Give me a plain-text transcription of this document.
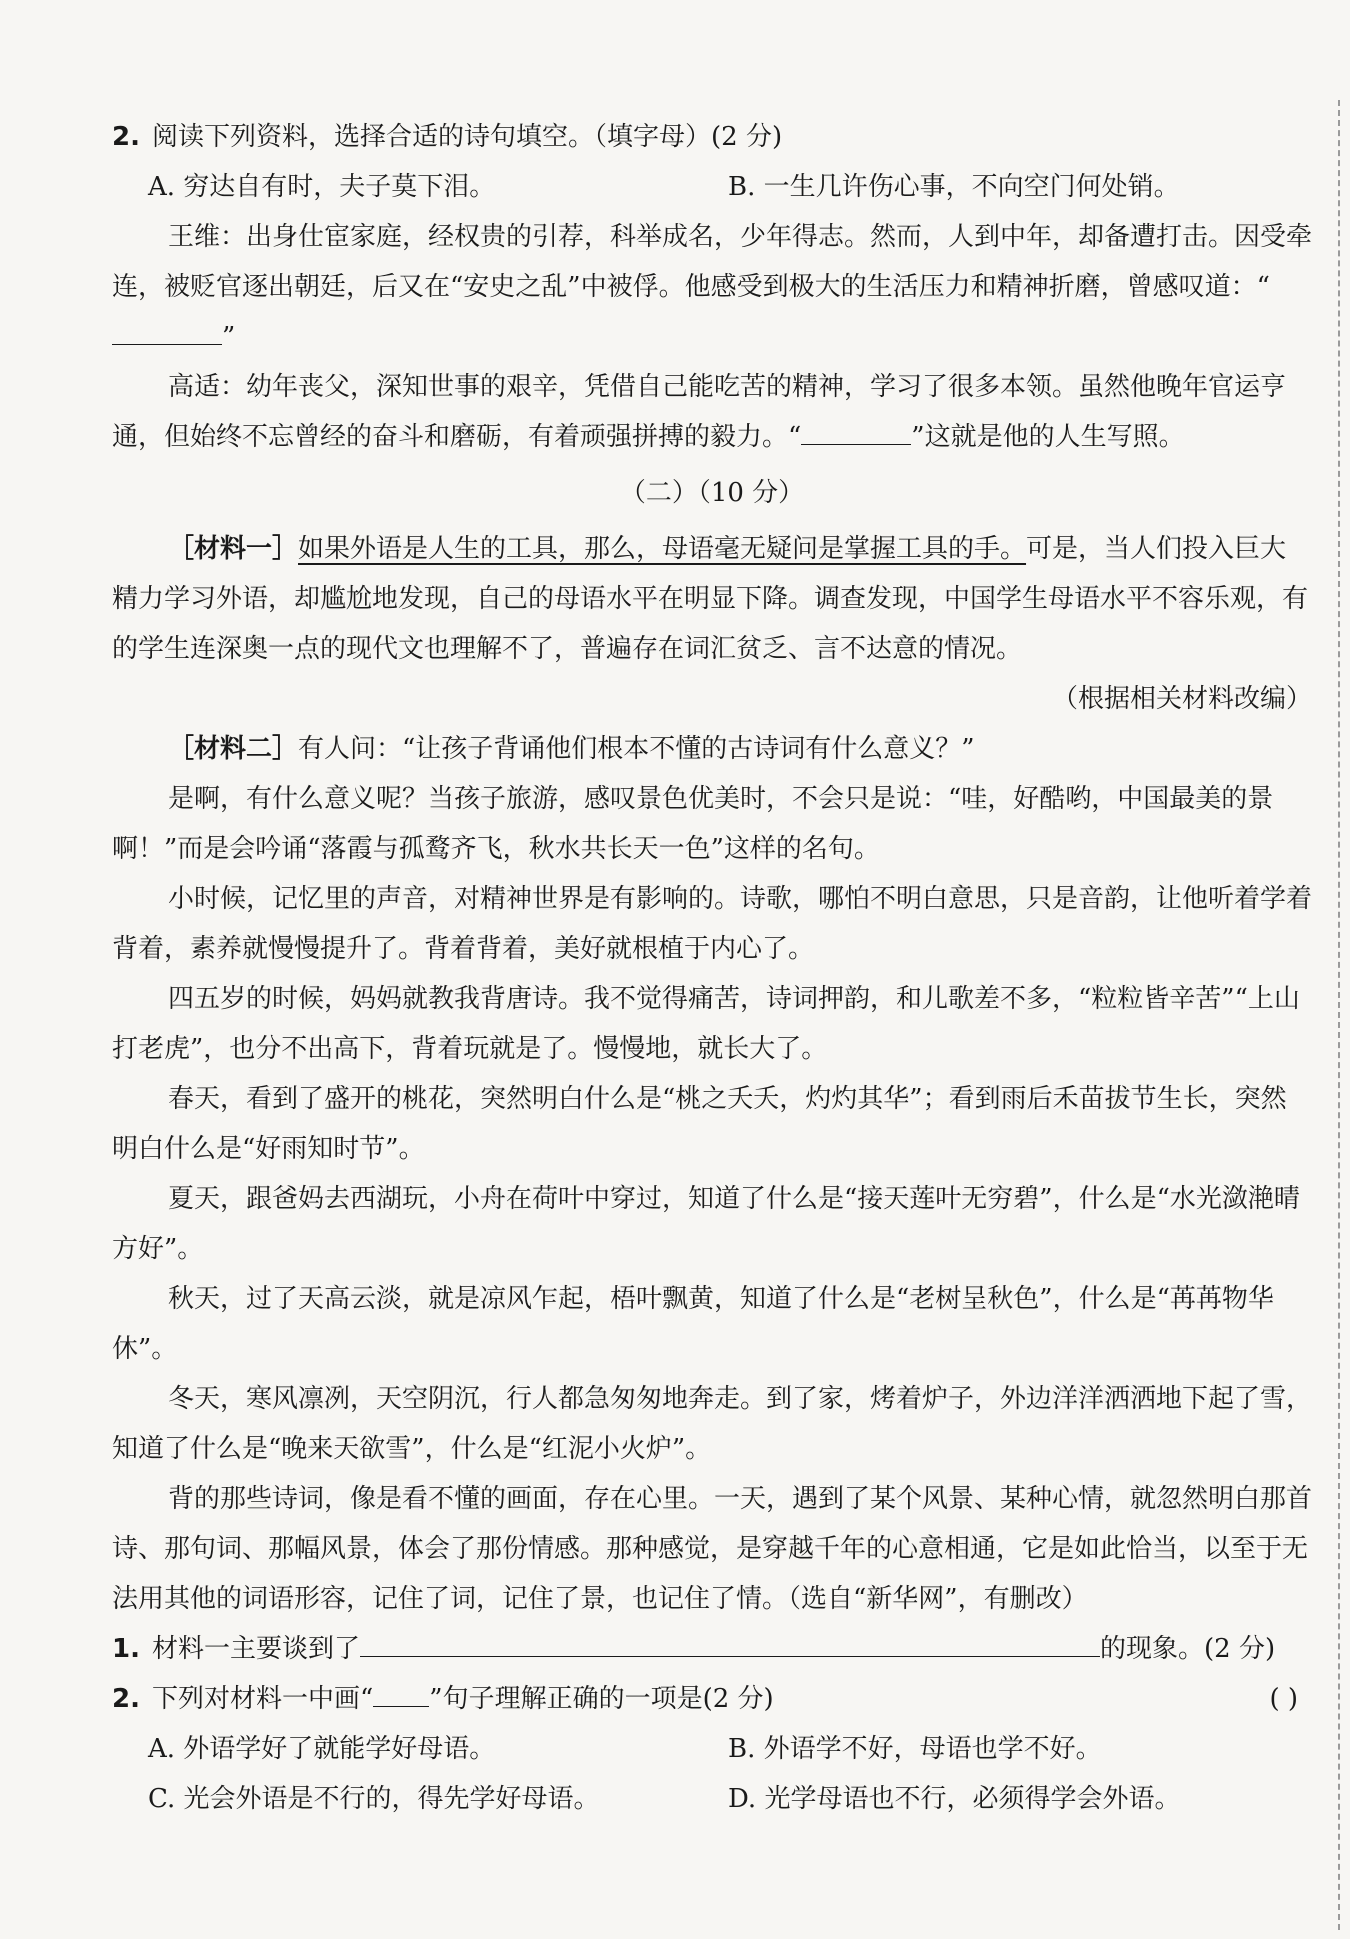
2. 阅读下列资料，选择合适的诗句填空。（填字母）(2 分)
A. 穷达自有时，夫子莫下泪。	B. 一生几许伤心事，不向空门何处销。

王维：出身仕宦家庭，经权贵的引荐，科举成名，少年得志。然而，人到中年，却备遭打击。因受牵连，被贬官逐出朝廷，后又在“安史之乱”中被俘。他感受到极大的生活压力和精神折磨，曾感叹道：“”

高适：幼年丧父，深知世事的艰辛，凭借自己能吃苦的精神，学习了很多本领。虽然他晚年官运亨通，但始终不忘曾经的奋斗和磨砺，有着顽强拼搏的毅力。“	”这就是他的人生写照。

（二）（10 分）

［材料一］如果外语是人生的工具，那么，母语毫无疑问是掌握工具的手。可是，当人们投入巨大精力学习外语，却尴尬地发现，自己的母语水平在明显下降。调查发现，中国学生母语水平不容乐观，有的学生连深奥一点的现代文也理解不了，普遍存在词汇贫乏、言不达意的情况。

（根据相关材料改编）

［材料二］有人问：“让孩子背诵他们根本不懂的古诗词有什么意义？”

是啊，有什么意义呢？当孩子旅游，感叹景色优美时，不会只是说：“哇，好酷哟，中国最美的景啊！”而是会吟诵“落霞与孤鹜齐飞，秋水共长天一色”这样的名句。

小时候，记忆里的声音，对精神世界是有影响的。诗歌，哪怕不明白意思，只是音韵，让他听着学着背着，素养就慢慢提升了。背着背着，美好就根植于内心了。

四五岁的时候，妈妈就教我背唐诗。我不觉得痛苦，诗词押韵，和儿歌差不多，“粒粒皆辛苦”“上山打老虎”，也分不出高下，背着玩就是了。慢慢地，就长大了。

春天，看到了盛开的桃花，突然明白什么是“桃之夭夭，灼灼其华”；看到雨后禾苗拔节生长，突然明白什么是“好雨知时节”。

夏天，跟爸妈去西湖玩，小舟在荷叶中穿过，知道了什么是“接天莲叶无穷碧”，什么是“水光潋滟晴方好”。

秋天，过了天高云淡，就是凉风乍起，梧叶飘黄，知道了什么是“老树呈秋色”，什么是“苒苒物华休”。

冬天，寒风凛冽，天空阴沉，行人都急匆匆地奔走。到了家，烤着炉子，外边洋洋洒洒地下起了雪，知道了什么是“晚来天欲雪”，什么是“红泥小火炉”。

背的那些诗词，像是看不懂的画面，存在心里。一天，遇到了某个风景、某种心情，就忽然明白那首诗、那句词、那幅风景，体会了那份情感。那种感觉，是穿越千年的心意相通，它是如此恰当，以至于无法用其他的词语形容，记住了词，记住了景，也记住了情。（选自“新华网”，有删改）

1. 材料一主要谈到了	的现象。(2 分)
2. 下列对材料一中画“ ”句子理解正确的一项是(2 分)	( )
A. 外语学好了就能学好母语。	B. 外语学不好，母语也学不好。
C. 光会外语是不行的，得先学好母语。	D. 光学母语也不行，必须得学会外语。
